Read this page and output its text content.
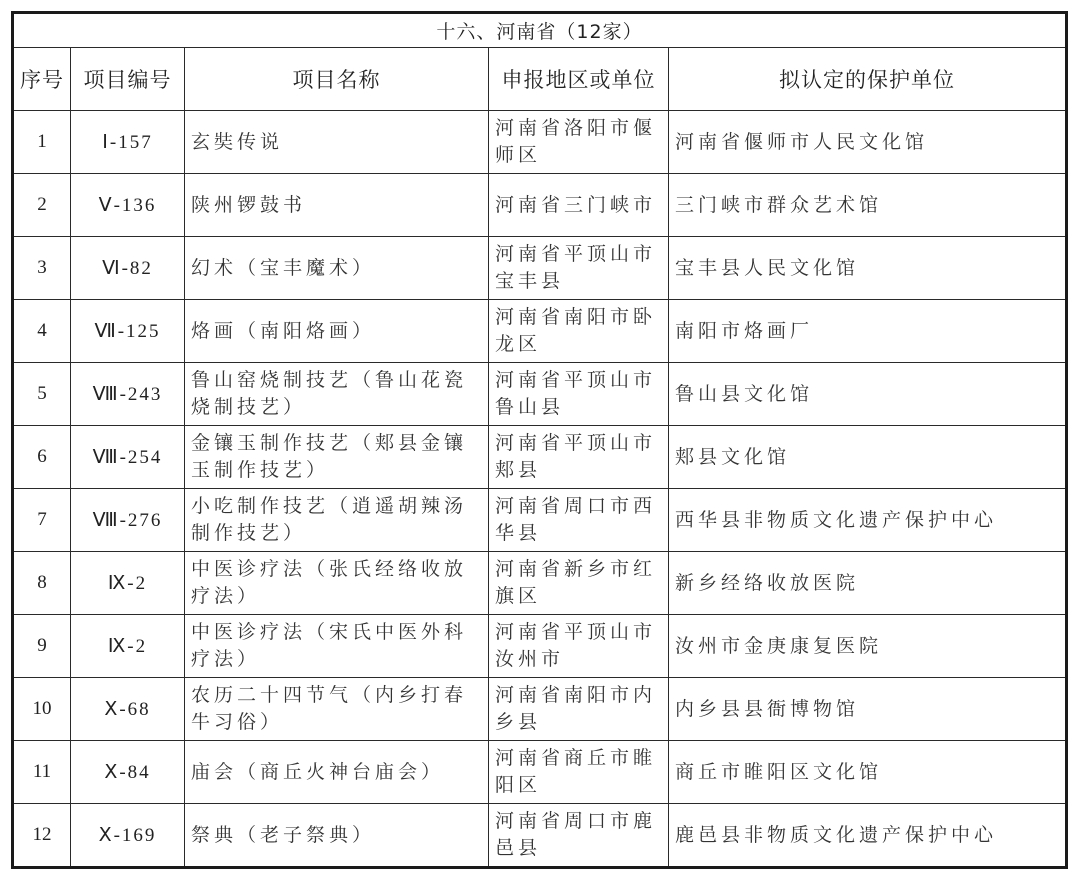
十六、河南省（12家）				
序号	项目编号	项目名称	申报地区或单位	拟认定的保护单位
1	Ⅰ-157	玄奘传说	河南省洛阳市偃师区	河南省偃师市人民文化馆
2	Ⅴ-136	陕州锣鼓书	河南省三门峡市	三门峡市群众艺术馆
3	Ⅵ-82	幻术（宝丰魔术）	河南省平顶山市宝丰县	宝丰县人民文化馆
4	Ⅶ-125	烙画（南阳烙画）	河南省南阳市卧龙区	南阳市烙画厂
5	Ⅷ-243	鲁山窑烧制技艺（鲁山花瓷烧制技艺）	河南省平顶山市鲁山县	鲁山县文化馆
6	Ⅷ-254	金镶玉制作技艺（郏县金镶玉制作技艺）	河南省平顶山市郏县	郏县文化馆
7	Ⅷ-276	小吃制作技艺（逍遥胡辣汤制作技艺）	河南省周口市西华县	西华县非物质文化遗产保护中心
8	Ⅸ-2	中医诊疗法（张氏经络收放疗法）	河南省新乡市红旗区	新乡经络收放医院
9	Ⅸ-2	中医诊疗法（宋氏中医外科疗法）	河南省平顶山市汝州市	汝州市金庚康复医院
10	Ⅹ-68	农历二十四节气（内乡打春牛习俗）	河南省南阳市内乡县	内乡县县衙博物馆
11	Ⅹ-84	庙会（商丘火神台庙会）	河南省商丘市睢阳区	商丘市睢阳区文化馆
12	Ⅹ-169	祭典（老子祭典）	河南省周口市鹿邑县	鹿邑县非物质文化遗产保护中心
